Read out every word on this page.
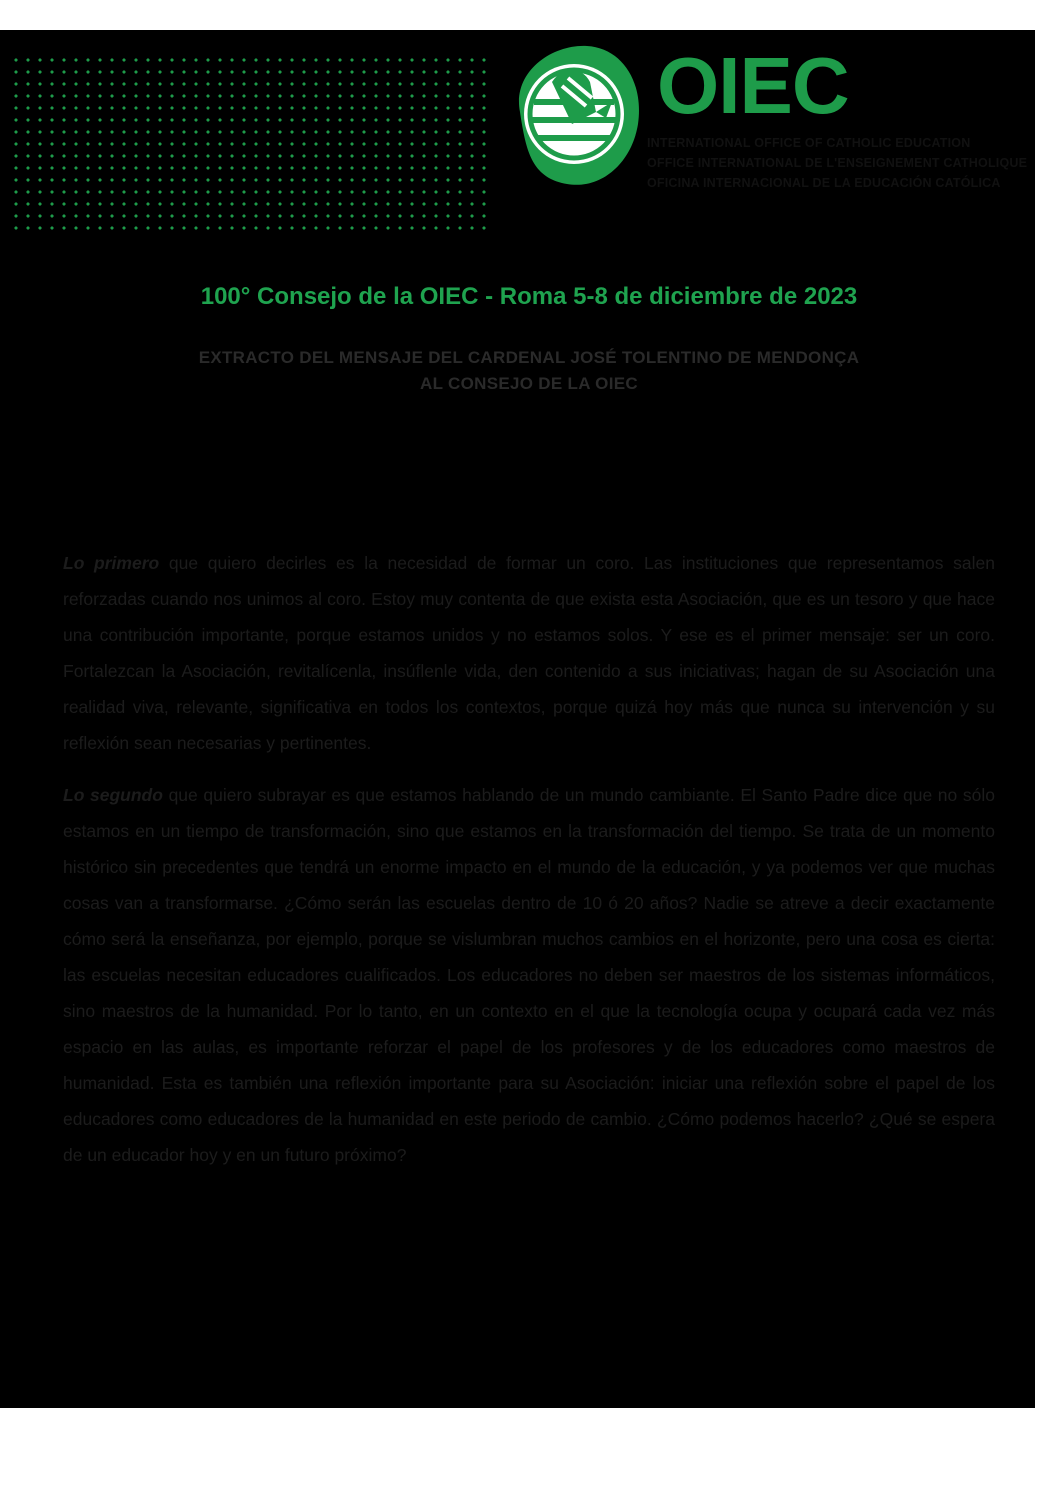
OIEC
INTERNATIONAL OFFICE OF CATHOLIC EDUCATION
OFFICE INTERNATIONAL DE L'ENSEIGNEMENT CATHOLIQUE
OFICINA INTERNACIONAL DE LA EDUCACIÓN CATÓLICA
100° Consejo de la OIEC - Roma 5-8 de diciembre de 2023
EXTRACTO DEL MENSAJE DEL CARDENAL JOSÉ TOLENTINO DE MENDONÇA
AL CONSEJO DE LA OIEC

Lo primero que quiero decirles es la necesidad de formar un coro. Las instituciones que representamos salen reforzadas cuando nos unimos al coro. Estoy muy contenta de que exista esta Asociación, que es un tesoro y que hace una contribución importante, porque estamos unidos y no estamos solos. Y ese es el primer mensaje: ser un coro. Fortalezcan la Asociación, revitalícenla, insúflenle vida, den contenido a sus iniciativas; hagan de su Asociación una realidad viva, relevante, significativa en todos los contextos, porque quizá hoy más que nunca su intervención y su reflexión sean necesarias y pertinentes.

Lo segundo que quiero subrayar es que estamos hablando de un mundo cambiante. El Santo Padre dice que no sólo estamos en un tiempo de transformación, sino que estamos en la transformación del tiempo. Se trata de un momento histórico sin precedentes que tendrá un enorme impacto en el mundo de la educación, y ya podemos ver que muchas cosas van a transformarse. ¿Cómo serán las escuelas dentro de 10 ó 20 años? Nadie se atreve a decir exactamente cómo será la enseñanza, por ejemplo, porque se vislumbran muchos cambios en el horizonte, pero una cosa es cierta: las escuelas necesitan educadores cualificados. Los educadores no deben ser maestros de los sistemas informáticos, sino maestros de la humanidad. Por lo tanto, en un contexto en el que la tecnología ocupa y ocupará cada vez más espacio en las aulas, es importante reforzar el papel de los profesores y de los educadores como maestros de humanidad. Esta es también una reflexión importante para su Asociación: iniciar una reflexión sobre el papel de los educadores como educadores de la humanidad en este periodo de cambio. ¿Cómo podemos hacerlo? ¿Qué se espera de un educador hoy y en un futuro próximo?
